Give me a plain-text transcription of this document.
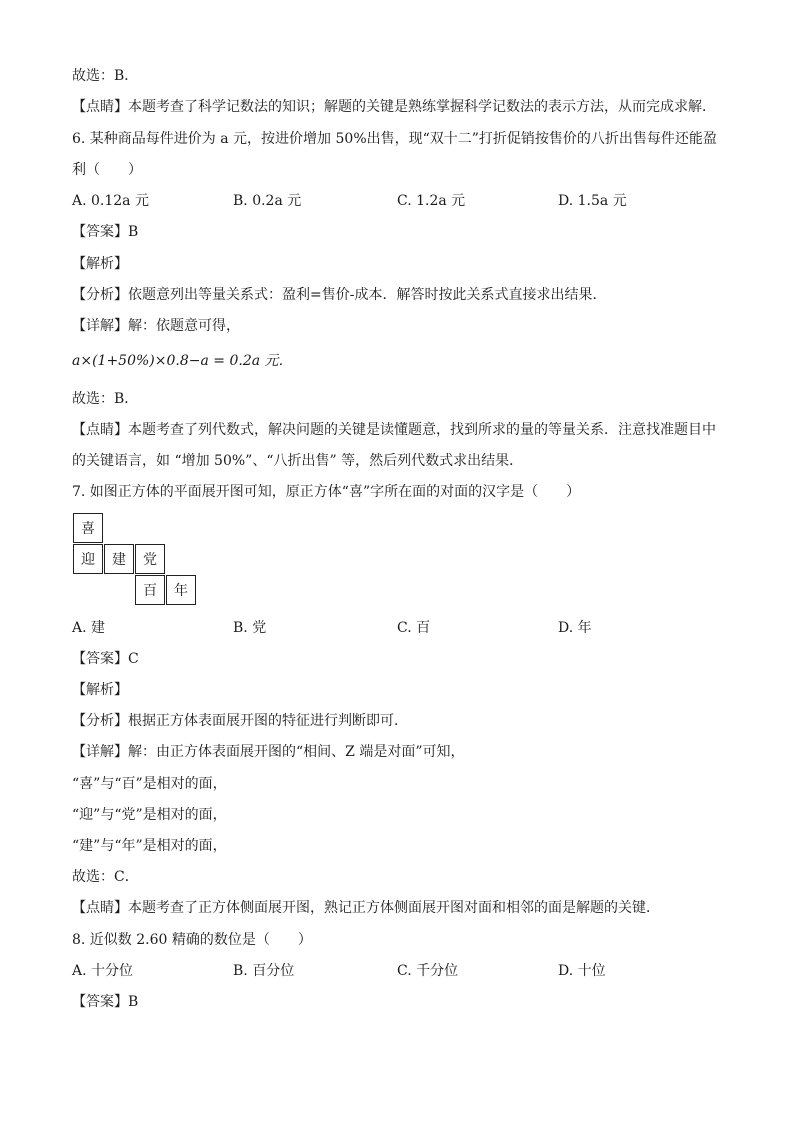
故选：B．
【点睛】本题考查了科学记数法的知识；解题的关键是熟练掌握科学记数法的表示方法，从而完成求解．
6. 某种商品每件进价为 a 元，按进价增加 50%出售，现“双十二”打折促销按售价的八折出售每件还能盈
利（　　）
A. 0.12a 元	B. 0.2a 元	C. 1.2a 元	D. 1.5a 元
【答案】B
【解析】
【分析】依题意列出等量关系式：盈利=售价-成本．解答时按此关系式直接求出结果．
【详解】解：依题意可得，
a×(1+50%)×0.8−a = 0.2a 元．
故选：B．
【点睛】本题考查了列代数式，解决问题的关键是读懂题意，找到所求的量的等量关系．注意找准题目中
的关键语言，如 “增加 50%”、“八折出售” 等，然后列代数式求出结果．
7. 如图正方体的平面展开图可知，原正方体“喜”字所在面的对面的汉字是（　　）
喜
迎	建	党
百	年
A. 建	B. 党	C. 百	D. 年
【答案】C
【解析】
【分析】根据正方体表面展开图的特征进行判断即可．
【详解】解：由正方体表面展开图的“相间、Z 端是对面”可知，
“喜”与“百”是相对的面，
“迎”与“党”是相对的面，
“建”与“年”是相对的面，
故选：C．
【点睛】本题考查了正方体侧面展开图，熟记正方体侧面展开图对面和相邻的面是解题的关键．
8. 近似数 2.60 精确的数位是（　　）
A. 十分位	B. 百分位	C. 千分位	D. 十位
【答案】B
